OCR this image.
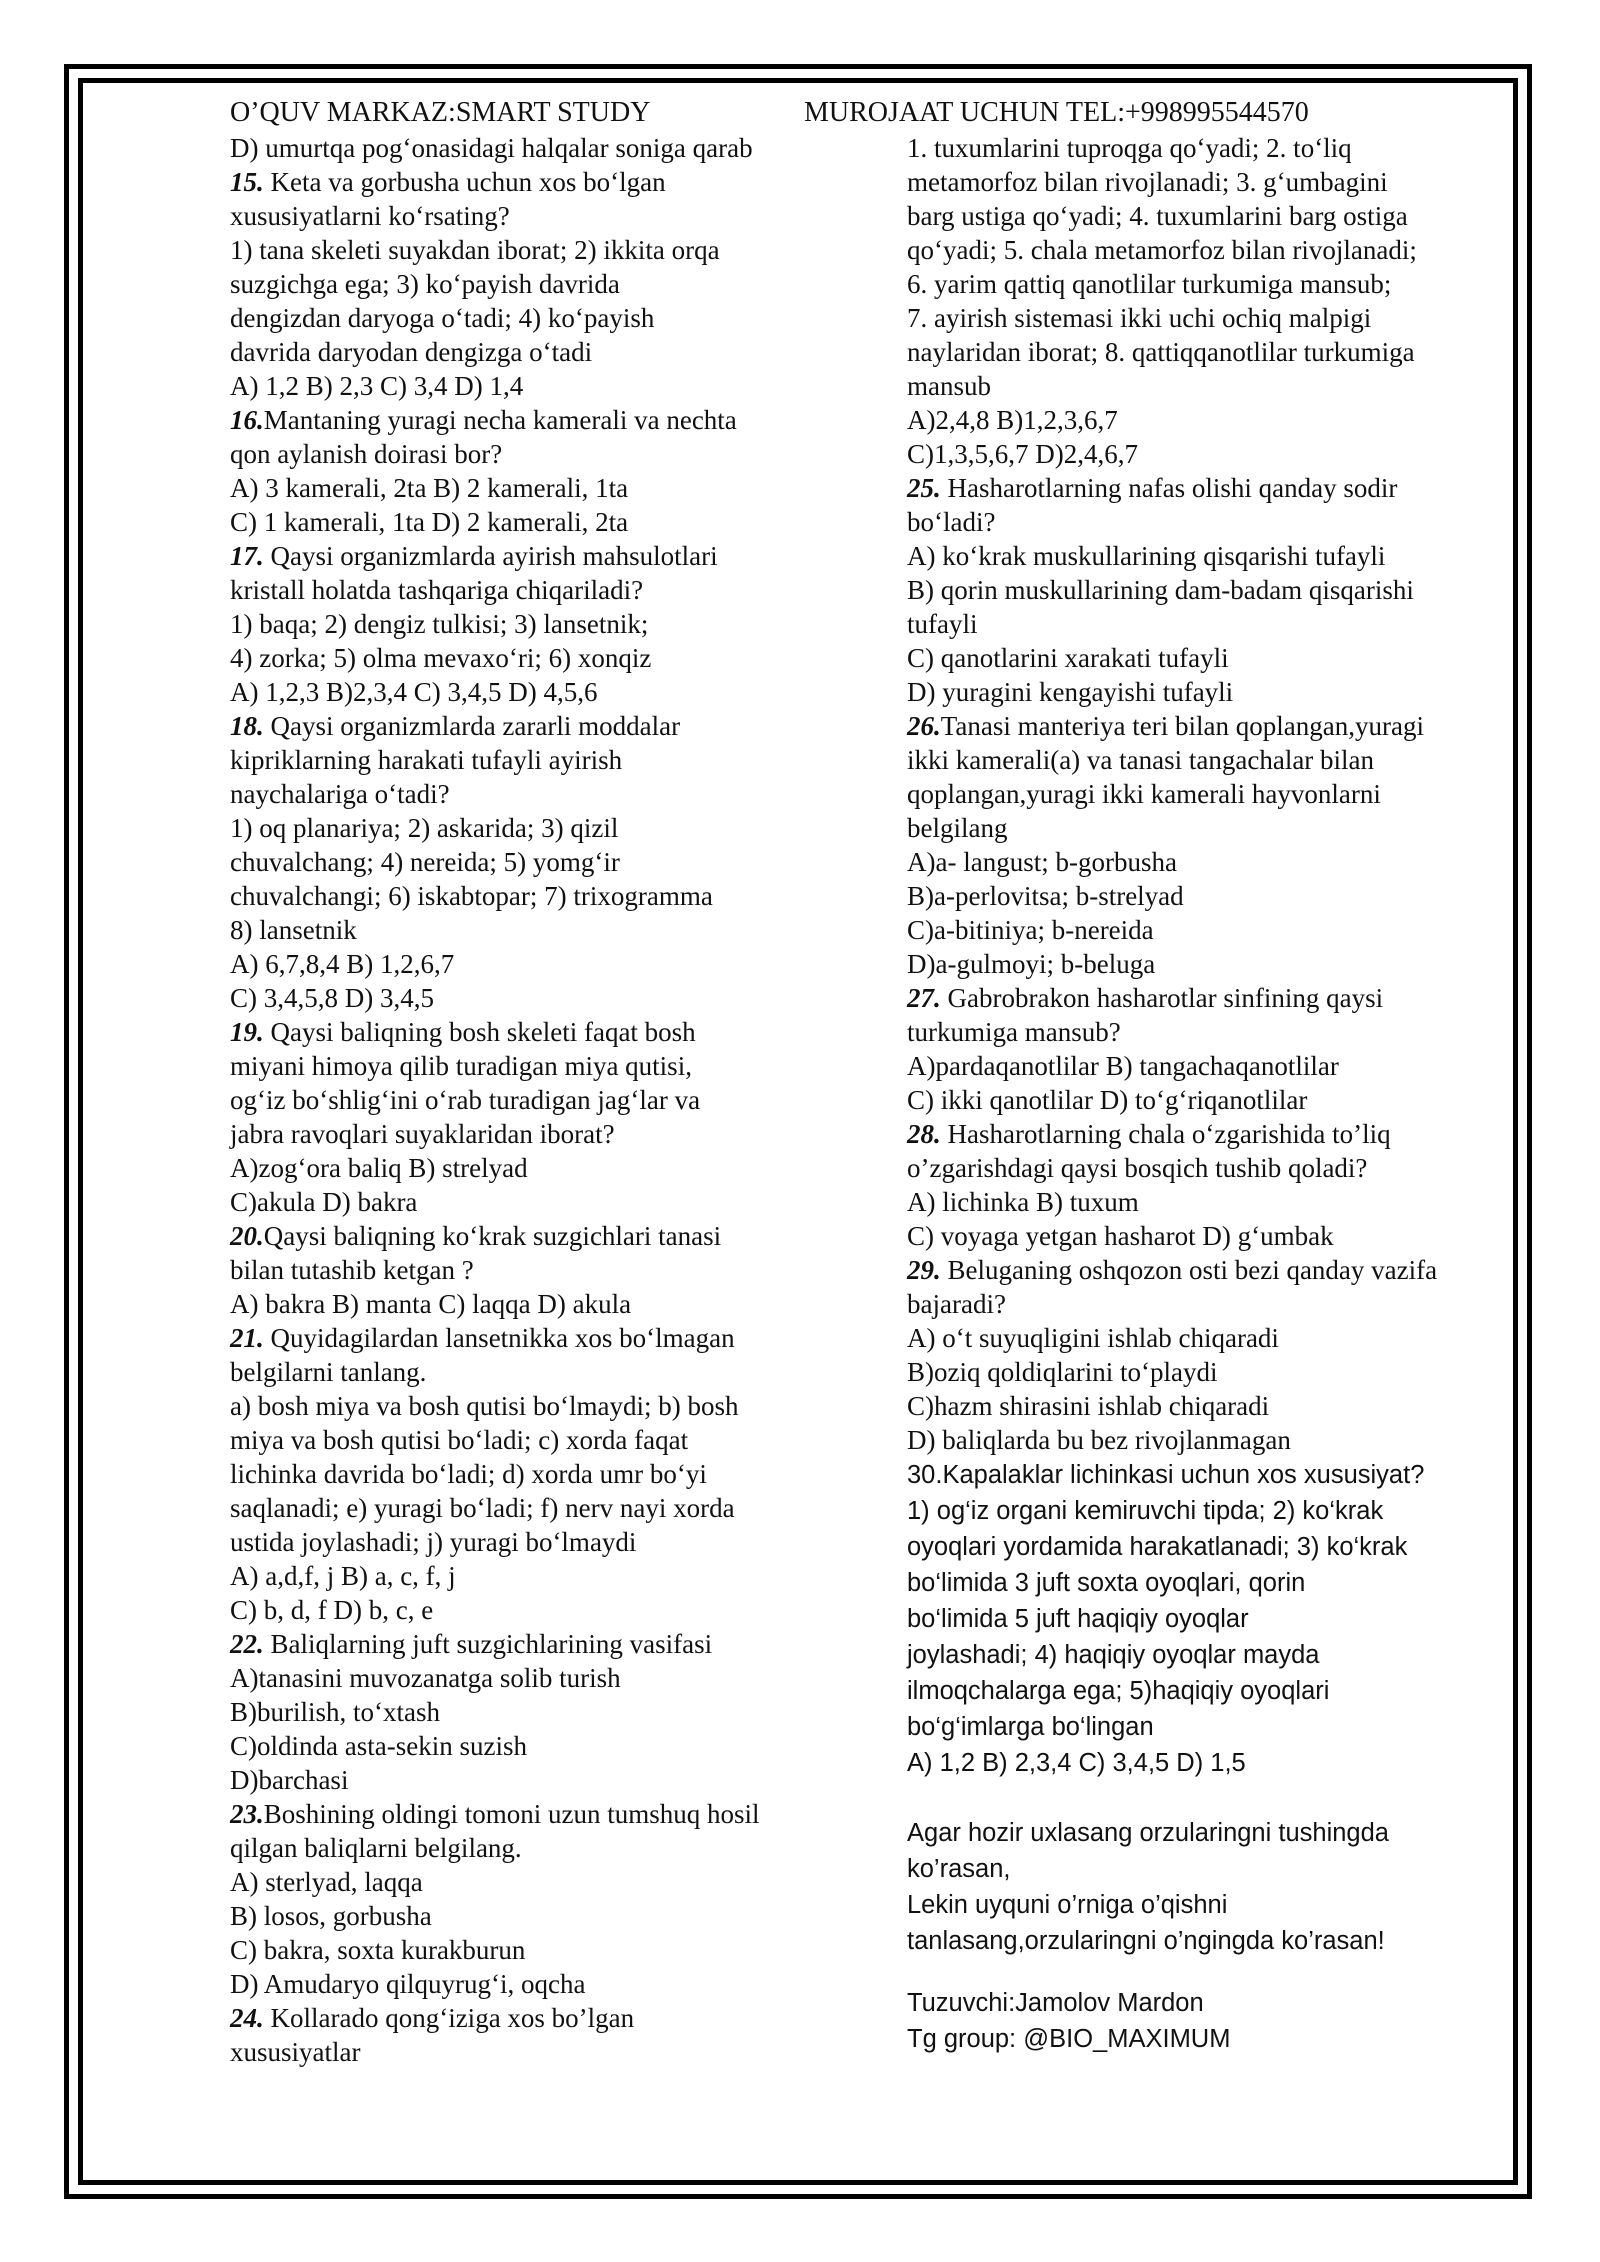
O’QUV MARKAZ:SMART STUDY	MUROJAAT UCHUN TEL:+998995544570
D) umurtqa pog‘onasidagi halqalar soniga qarab
15. Keta va gorbusha uchun xos bo‘lgan
xususiyatlarni ko‘rsating?
1) tana skeleti suyakdan iborat; 2) ikkita orqa
suzgichga ega; 3) ko‘payish davrida
dengizdan daryoga o‘tadi; 4) ko‘payish
davrida daryodan dengizga o‘tadi
A) 1,2 B) 2,3 C) 3,4 D) 1,4
16.Mantaning yuragi necha kamerali va nechta
qon aylanish doirasi bor?
A) 3 kamerali, 2ta B) 2 kamerali, 1ta
C) 1 kamerali, 1ta D) 2 kamerali, 2ta
17. Qaysi organizmlarda ayirish mahsulotlari
kristall holatda tashqariga chiqariladi?
1) baqa; 2) dengiz tulkisi; 3) lansetnik;
4) zorka; 5) olma mevaxo‘ri; 6) xonqiz
A) 1,2,3 B)2,3,4 C) 3,4,5 D) 4,5,6
18. Qaysi organizmlarda zararli moddalar
kipriklarning harakati tufayli ayirish
naychalariga o‘tadi?
1) oq planariya; 2) askarida; 3) qizil
chuvalchang; 4) nereida; 5) yomg‘ir
chuvalchangi; 6) iskabtopar; 7) trixogramma
8) lansetnik
A) 6,7,8,4 B) 1,2,6,7
C) 3,4,5,8 D) 3,4,5
19. Qaysi baliqning bosh skeleti faqat bosh
miyani himoya qilib turadigan miya qutisi,
og‘iz bo‘shlig‘ini o‘rab turadigan jag‘lar va
jabra ravoqlari suyaklaridan iborat?
A)zog‘ora baliq B) strelyad
C)akula D) bakra
20.Qaysi baliqning ko‘krak suzgichlari tanasi
bilan tutashib ketgan ?
A) bakra B) manta C) laqqa D) akula
21. Quyidagilardan lansetnikka xos bo‘lmagan
belgilarni tanlang.
a) bosh miya va bosh qutisi bo‘lmaydi; b) bosh
miya va bosh qutisi bo‘ladi; c) xorda faqat
lichinka davrida bo‘ladi; d) xorda umr bo‘yi
saqlanadi; e) yuragi bo‘ladi; f) nerv nayi xorda
ustida joylashadi; j) yuragi bo‘lmaydi
A) a,d,f, j B) a, c, f, j
C) b, d, f D) b, c, e
22. Baliqlarning juft suzgichlarining vasifasi
A)tanasini muvozanatga solib turish
B)burilish, to‘xtash
C)oldinda asta-sekin suzish
D)barchasi
23.Boshining oldingi tomoni uzun tumshuq hosil
qilgan baliqlarni belgilang.
A) sterlyad, laqqa
B) losos, gorbusha
C) bakra, soxta kurakburun
D) Amudaryo qilquyrug‘i, oqcha
24. Kollarado qong‘iziga xos bo’lgan
xususiyatlar
1. tuxumlarini tuproqga qo‘yadi; 2. to‘liq
metamorfoz bilan rivojlanadi; 3. g‘umbagini
barg ustiga qo‘yadi; 4. tuxumlarini barg ostiga
qo‘yadi; 5. chala metamorfoz bilan rivojlanadi;
6. yarim qattiq qanotlilar turkumiga mansub;
7. ayirish sistemasi ikki uchi ochiq malpigi
naylaridan iborat; 8. qattiqqanotlilar turkumiga
mansub
A)2,4,8 B)1,2,3,6,7
C)1,3,5,6,7 D)2,4,6,7
25. Hasharotlarning nafas olishi qanday sodir
bo‘ladi?
A) ko‘krak muskullarining qisqarishi tufayli
B) qorin muskullarining dam-badam qisqarishi
tufayli
C) qanotlarini xarakati tufayli
D) yuragini kengayishi tufayli
26.Tanasi manteriya teri bilan qoplangan,yuragi
ikki kamerali(a) va tanasi tangachalar bilan
qoplangan,yuragi ikki kamerali hayvonlarni
belgilang
A)a- langust; b-gorbusha
B)a-perlovitsa; b-strelyad
C)a-bitiniya; b-nereida
D)a-gulmoyi; b-beluga
27. Gabrobrakon hasharotlar sinfining qaysi
turkumiga mansub?
A)pardaqanotlilar B) tangachaqanotlilar
C) ikki qanotlilar D) to‘g‘riqanotlilar
28. Hasharotlarning chala o‘zgarishida to’liq
o’zgarishdagi qaysi bosqich tushib qoladi?
A) lichinka B) tuxum
C) voyaga yetgan hasharot D) g‘umbak
29. Beluganing oshqozon osti bezi qanday vazifa
bajaradi?
A) o‘t suyuqligini ishlab chiqaradi
B)oziq qoldiqlarini to‘playdi
C)hazm shirasini ishlab chiqaradi
D) baliqlarda bu bez rivojlanmagan
30.Kapalaklar lichinkasi uchun xos xususiyat?
1) og‘iz organi kemiruvchi tipda; 2) ko‘krak
oyoqlari yordamida harakatlanadi; 3) ko‘krak
bo‘limida 3 juft soxta oyoqlari, qorin
bo‘limida 5 juft haqiqiy oyoqlar
joylashadi; 4) haqiqiy oyoqlar mayda
ilmoqchalarga ega; 5)haqiqiy oyoqlari
bo‘g‘imlarga bo‘lingan
A) 1,2 B) 2,3,4 C) 3,4,5 D) 1,5
Agar hozir uxlasang orzularingni tushingda
ko’rasan,
Lekin uyquni o’rniga o’qishni
tanlasang,orzularingni o’ngingda ko’rasan!
Tuzuvchi:Jamolov Mardon
Tg group: @BIO_MAXIMUM
